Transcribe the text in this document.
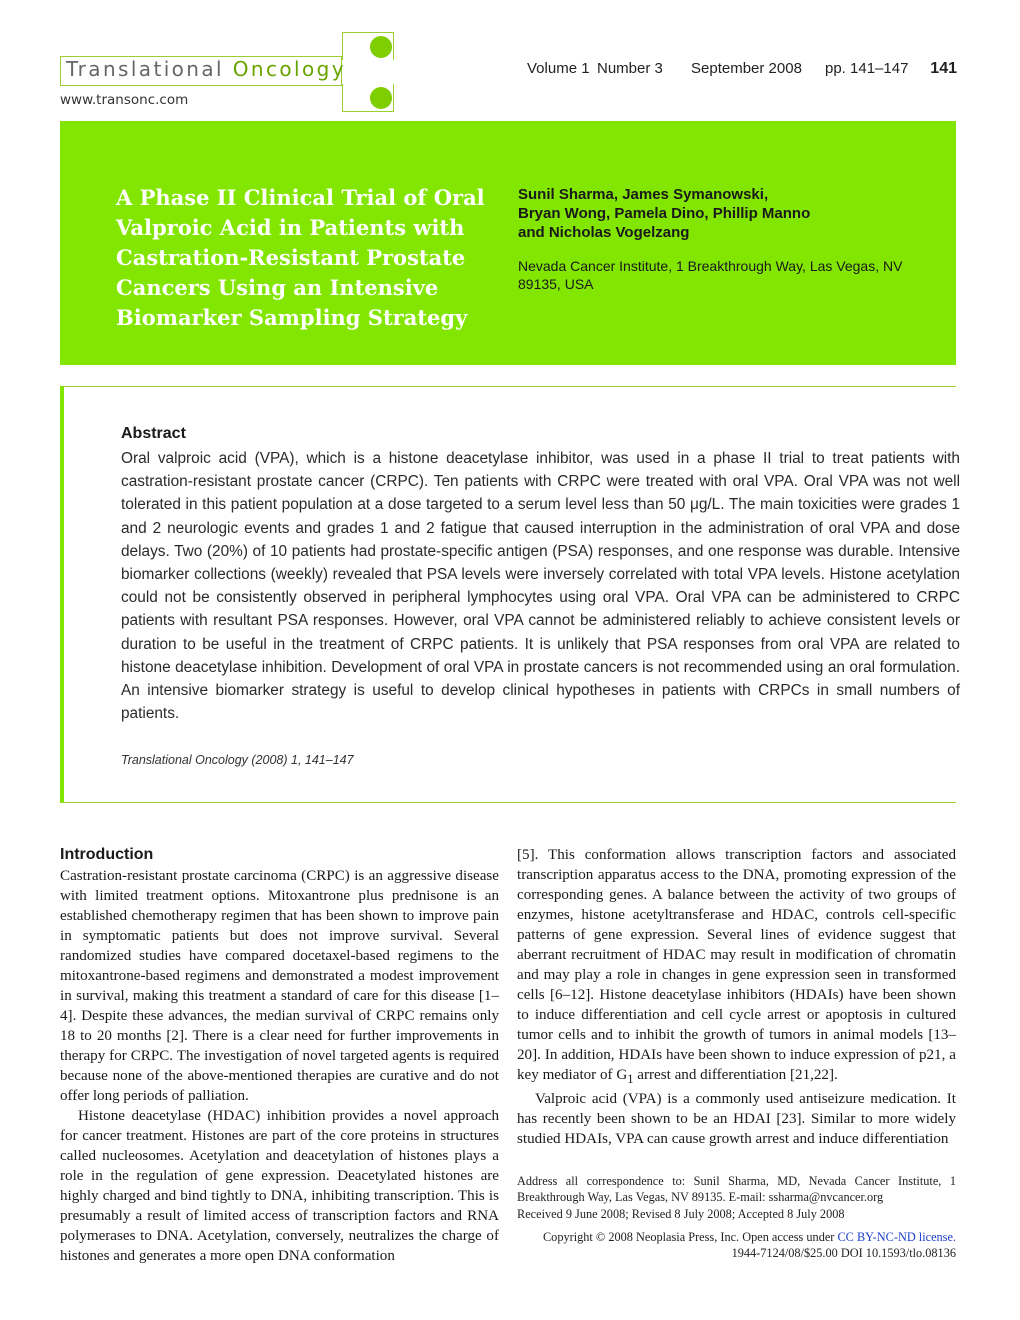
Translational Oncology
www.transonc.com
Volume 1 Number 3 September 2008 pp. 141–147 141
A Phase II Clinical Trial of Oral Valproic Acid in Patients with Castration-Resistant Prostate Cancers Using an Intensive Biomarker Sampling Strategy
Sunil Sharma, James Symanowski,
Bryan Wong, Pamela Dino, Phillip Manno
and Nicholas Vogelzang
Nevada Cancer Institute, 1 Breakthrough Way, Las Vegas, NV 89135, USA
Abstract
Oral valproic acid (VPA), which is a histone deacetylase inhibitor, was used in a phase II trial to treat patients with castration-resistant prostate cancer (CRPC). Ten patients with CRPC were treated with oral VPA. Oral VPA was not well tolerated in this patient population at a dose targeted to a serum level less than 50 μg/L. The main toxicities were grades 1 and 2 neurologic events and grades 1 and 2 fatigue that caused interruption in the administration of oral VPA and dose delays. Two (20%) of 10 patients had prostate-specific antigen (PSA) responses, and one response was durable. Intensive biomarker collections (weekly) revealed that PSA levels were inversely correlated with total VPA levels. Histone acetylation could not be consistently observed in peripheral lymphocytes using oral VPA. Oral VPA can be administered to CRPC patients with resultant PSA responses. However, oral VPA cannot be administered reliably to achieve consistent levels or duration to be useful in the treatment of CRPC patients. It is unlikely that PSA responses from oral VPA are related to histone deacetylase inhibition. Development of oral VPA in prostate cancers is not recommended using an oral formulation. An intensive biomarker strategy is useful to develop clinical hypotheses in patients with CRPCs in small numbers of patients.
Translational Oncology (2008) 1, 141–147
Introduction

Castration-resistant prostate carcinoma (CRPC) is an aggressive disease with limited treatment options. Mitoxantrone plus prednisone is an established chemotherapy regimen that has been shown to improve pain in symptomatic patients but does not improve survival. Several randomized studies have compared docetaxel-based regimens to the mitoxantrone-based regimens and demonstrated a modest improvement in survival, making this treatment a standard of care for this disease [1–4]. Despite these advances, the median survival of CRPC remains only 18 to 20 months [2]. There is a clear need for further improvements in therapy for CRPC. The investigation of novel targeted agents is required because none of the above-mentioned therapies are curative and do not offer long periods of palliation.

Histone deacetylase (HDAC) inhibition provides a novel approach for cancer treatment. Histones are part of the core proteins in structures called nucleosomes. Acetylation and deacetylation of histones plays a role in the regulation of gene expression. Deacetylated histones are highly charged and bind tightly to DNA, inhibiting transcription. This is presumably a result of limited access of transcription factors and RNA polymerases to DNA. Acetylation, conversely, neutralizes the charge of histones and generates a more open DNA conformation

[5]. This conformation allows transcription factors and associated transcription apparatus access to the DNA, promoting expression of the corresponding genes. A balance between the activity of two groups of enzymes, histone acetyltransferase and HDAC, controls cell-specific patterns of gene expression. Several lines of evidence suggest that aberrant recruitment of HDAC may result in modification of chromatin and may play a role in changes in gene expression seen in transformed cells [6–12]. Histone deacetylase inhibitors (HDAIs) have been shown to induce differentiation and cell cycle arrest or apoptosis in cultured tumor cells and to inhibit the growth of tumors in animal models [13–20]. In addition, HDAIs have been shown to induce expression of p21, a key mediator of $G_1$ arrest and differentiation [21,22].

Valproic acid (VPA) is a commonly used antiseizure medication. It has recently been shown to be an HDAI [23]. Similar to more widely studied HDAIs, VPA can cause growth arrest and induce differentiation

Address all correspondence to: Sunil Sharma, MD, Nevada Cancer Institute, 1 Breakthrough Way, Las Vegas, NV 89135. E-mail: ssharma@nvcancer.org
Received 9 June 2008; Revised 8 July 2008; Accepted 8 July 2008
Copyright © 2008 Neoplasia Press, Inc. Open access under CC BY-NC-ND license.
1944-7124/08/$25.00 DOI 10.1593/tlo.08136
